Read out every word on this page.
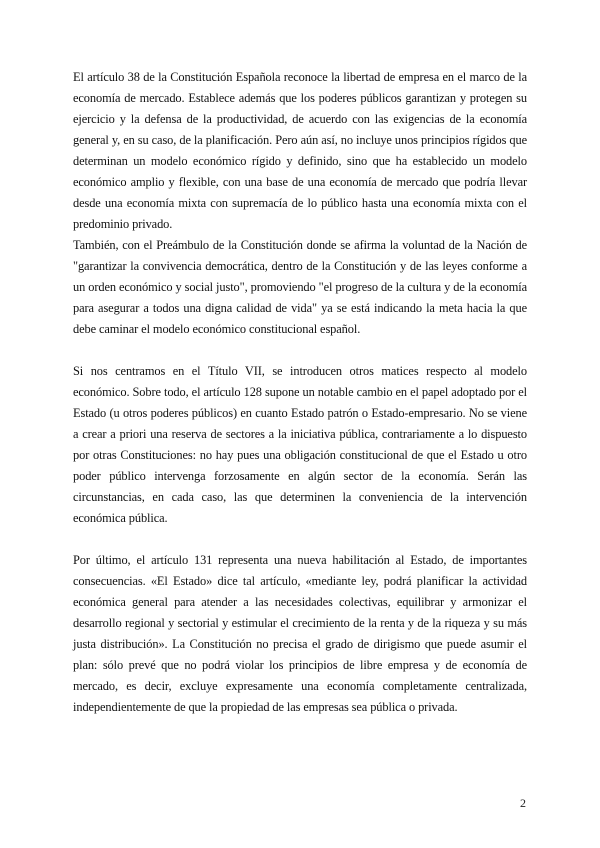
El artículo 38 de la Constitución Española reconoce la libertad de empresa en el marco de la economía de mercado. Establece además que los poderes públicos garantizan y protegen su ejercicio y la defensa de la productividad, de acuerdo con las exigencias de la economía general y, en su caso, de la planificación. Pero aún así, no incluye unos principios rígidos que determinan un modelo económico rígido y definido, sino que ha establecido un modelo económico amplio y flexible, con una base de una economía de mercado que podría llevar desde una economía mixta con supremacía de lo público hasta una economía mixta con el predominio privado.

También, con el Preámbulo de la Constitución donde se afirma la voluntad de la Nación de "garantizar la convivencia democrática, dentro de la Constitución y de las leyes conforme a un orden económico y social justo", promoviendo "el progreso de la cultura y de la economía para asegurar a todos una digna calidad de vida" ya se está indicando la meta hacia la que debe caminar el modelo económico constitucional español.

Si nos centramos en el Título VII, se introducen otros matices respecto al modelo económico. Sobre todo, el artículo 128 supone un notable cambio en el papel adoptado por el Estado (u otros poderes públicos) en cuanto Estado patrón o Estado-empresario. No se viene a crear a priori una reserva de sectores a la iniciativa pública, contrariamente a lo dispuesto por otras Constituciones: no hay pues una obligación constitucional de que el Estado u otro poder público intervenga forzosamente en algún sector de la economía. Serán las circunstancias, en cada caso, las que determinen la conveniencia de la intervención económica pública.

Por último, el artículo 131 representa una nueva habilitación al Estado, de importantes consecuencias. «El Estado» dice tal artículo, «mediante ley, podrá planificar la actividad económica general para atender a las necesidades colectivas, equilibrar y armonizar el desarrollo regional y sectorial y estimular el crecimiento de la renta y de la riqueza y su más justa distribución». La Constitución no precisa el grado de dirigismo que puede asumir el plan: sólo prevé que no podrá violar los principios de libre empresa y de economía de mercado, es decir, excluye expresamente una economía completamente centralizada, independientemente de que la propiedad de las empresas sea pública o privada.

2
